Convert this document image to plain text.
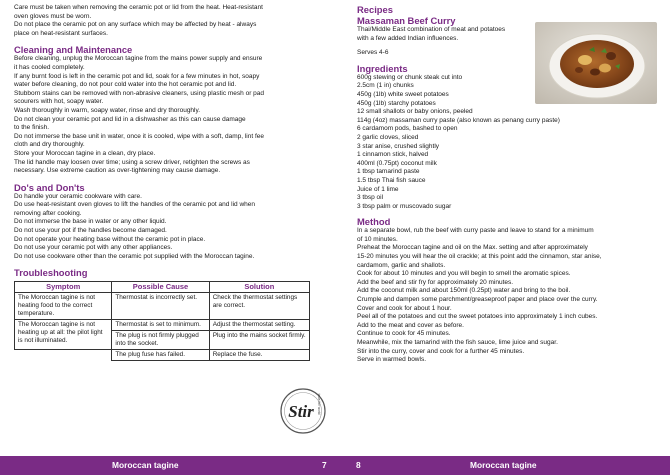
Care must be taken when removing the ceramic pot or lid from the heat. Heat-resistant

oven gloves must be worn.

Do not place the ceramic pot on any surface which may be affected by heat - always

place on heat-resistant surfaces.

Cleaning and Maintenance

Before cleaning, unplug the Moroccan tagine from the mains power supply and ensure

it has cooled completely.

If any burnt food is left in the ceramic pot and lid, soak for a few minutes in hot, soapy

water before cleaning, do not pour cold water into the hot ceramic pot and lid.

Stubborn stains can be removed with non-abrasive cleaners, using plastic mesh or pad

scourers with hot, soapy water.

Wash thoroughly in warm, soapy water, rinse and dry thoroughly.

Do not clean your ceramic pot and lid in a dishwasher as this can cause damage

to the finish.

Do not immerse the base unit in water, once it is cooled, wipe with a soft, damp, lint fee

cloth and dry thoroughly.

Store your Moroccan tagine in a clean, dry place.

The lid handle may loosen over time; using a screw driver, retighten the screws as

necessary. Use extreme caution as over-tightening may cause damage.

Do's and Don'ts

Do handle your ceramic cookware with care.

Do use heat-resistant oven gloves to lift the handles of the ceramic pot and lid when

removing after cooking.

Do not immerse the base in water or any other liquid.

Do not use your pot if the handles become damaged.

Do not operate your heating base without the ceramic pot in place.

Do not use your ceramic pot with any other appliances.

Do not use cookware other than the ceramic pot supplied with the Moroccan tagine.

Troubleshooting

Symptom	Possible Cause	Solution
The Moroccan tagine is not heating food to the correct temperature.	Thermostat is incorrectly set.	Check the thermostat settings are correct.
The Moroccan tagine is not heating up at all: the pilot light is not illuminated.	Thermostat is set to minimum.	Adjust the thermostat setting.
	The plug is not firmly plugged into the socket.	Plug into the mains socket firmly.
	The plug fuse has failed.	Replace the fuse.
Stir taste the world

Recipes

Massaman Beef Curry

Thai/Middle East combination of meat and potatoes

with a few added Indian influences.

Serves 4-6

Ingredients

600g stewing or chunk steak cut into

2.5cm (1 in) chunks

450g (1lb) white sweet potatoes

450g (1lb) starchy potatoes

12 small shallots or baby onions, peeled

114g (4oz) massaman curry paste (also known as penang curry paste)

6 cardamom pods, bashed to open

2 garlic cloves, sliced

3 star anise, crushed slightly

1 cinnamon stick, halved

400ml (0.75pt) coconut milk

1 tbsp tamarind paste

1.5 tbsp Thai fish sauce

Juice of 1 lime

3 tbsp oil

3 tbsp palm or muscovado sugar

Method

In a separate bowl, rub the beef with curry paste and leave to stand for a minimum

of 10 minutes.

Preheat the Moroccan tagine and oil on the Max. setting and after approximately

15-20 minutes you will hear the oil crackle; at this point add the cinnamon, star anise,

cardamom, garlic and shallots.

Cook for about 10 minutes and you will begin to smell the aromatic spices.

Add the beef and stir fry for approximately 20 minutes.

Add the coconut milk and about 150ml (0.25pt) water and bring to the boil.

Crumple and dampen some parchment/greaseproof paper and place over the curry.

Cover and cook for about 1 hour.

Peel all of the potatoes and cut the sweet potatoes into approximately 1 inch cubes.

Add to the meat and cover as before.

Continue to cook for 45 minutes.

Meanwhile, mix the tamarind with the fish sauce, lime juice and sugar.

Stir into the curry, cover and cook for a further 45 minutes.

Serve in warmed bowls.

Moroccan tagine	7	8	Moroccan tagine
